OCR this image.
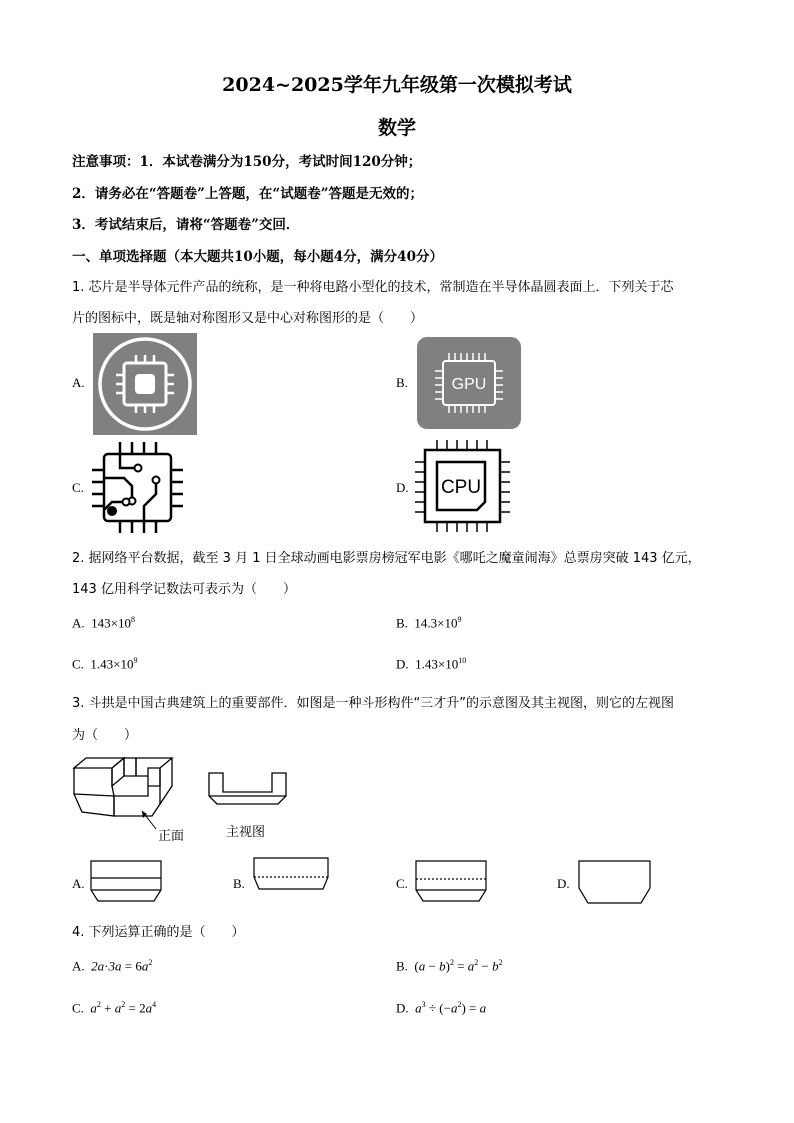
2024~2025学年九年级第一次模拟考试
数学
注意事项：1．本试卷满分为150分，考试时间120分钟；
2．请务必在“答题卷”上答题，在“试题卷”答题是无效的；
3．考试结束后，请将“答题卷”交回．
一、单项选择题（本大题共10小题，每小题4分，满分40分）
1. 芯片是半导体元件产品的统称，是一种将电路小型化的技术，常制造在半导体晶圆表面上．下列关于芯
片的图标中，既是轴对称图形又是中心对称图形的是（　　）
A.	B.	GPU
C.	D. CPU
2. 据网络平台数据，截至 3 月 1 日全球动画电影票房榜冠军电影《哪吒之魔童闹海》总票房突破 143 亿元，
143 亿用科学记数法可表示为（　　）
A. $143\times 10^8$	B. $14.3\times 10^9$
C. $1.43\times 10^9$	D. $1.43\times 10^{10}$
3. 斗拱是中国古典建筑上的重要部件．如图是一种斗形构件“三才升”的示意图及其主视图，则它的左视图
为（　　）
正面	主视图
A.	B.	C.	D.
4. 下列运算正确的是（　　）
A. $2a\cdot 3a = 6a^2$	B.  $(a - b)^2 = a^2 - b^2$
C. $a^2 + a^2 = 2a^4$	D. $a^3 \div (-a^2) = a$
